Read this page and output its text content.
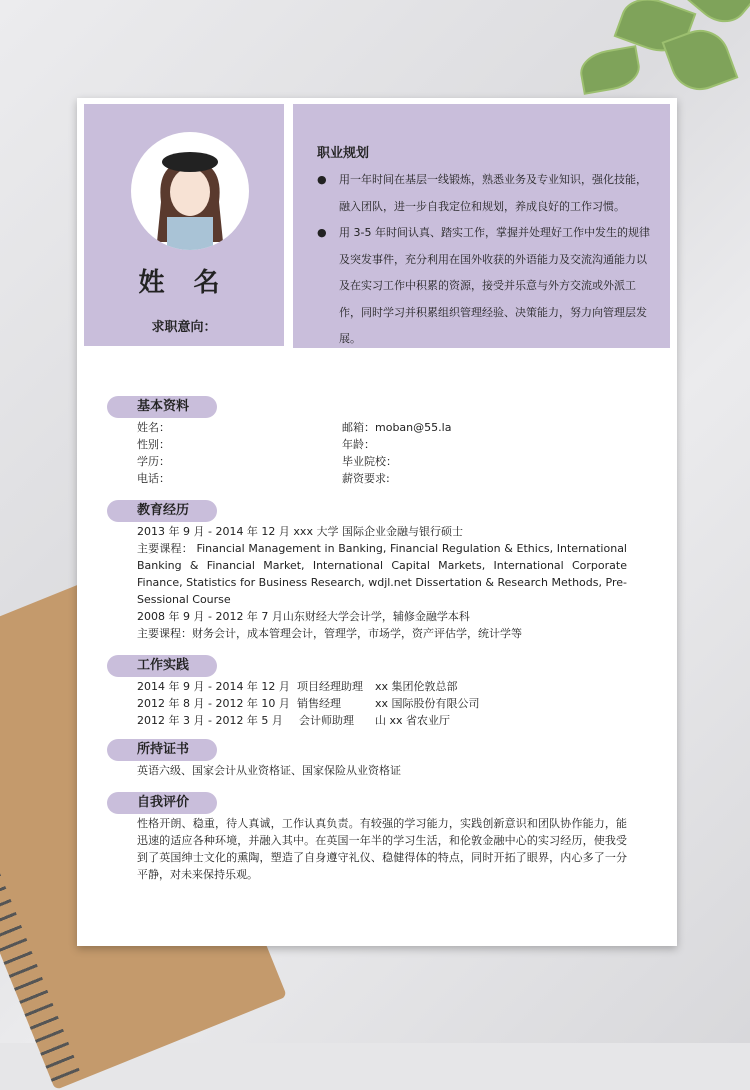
姓 名
求职意向：
职业规划
●	用一年时间在基层一线锻炼，熟悉业务及专业知识，强化技能，融入团队，进一步自我定位和规划，养成良好的工作习惯。
●	用 3-5 年时间认真、踏实工作，掌握并处理好工作中发生的规律及突发事件，充分利用在国外收获的外语能力及交流沟通能力以及在实习工作中积累的资源，接受并乐意与外方交流或外派工作，同时学习并积累组织管理经验、决策能力，努力向管理层发展。
基本资料
姓名：	邮箱：moban@55.la
性别：	年龄：
学历：	毕业院校：
电话：	薪资要求:
教育经历
2013 年 9 月 - 2014 年 12 月 xxx 大学 国际企业金融与银行硕士
主要课程： Financial Management in Banking, Financial Regulation & Ethics, International Banking & Financial Market, International Capital Markets, International Corporate Finance, Statistics for Business Research, wdjl.net Dissertation & Research Methods, Pre-Sessional Course
2008 年 9 月 - 2012 年 7 月山东财经大学会计学，辅修金融学本科
主要课程：财务会计，成本管理会计，管理学，市场学，资产评估学，统计学等
工作实践
2014 年 9 月 - 2014 年 12 月 项目经理助理	xx 集团伦敦总部
2012 年 8 月 - 2012 年 10 月 销售经理	xx 国际股份有限公司
2012 年 3 月 - 2012 年 5 月	会计师助理	山 xx 省农业厅
所持证书
英语六级、国家会计从业资格证、国家保险从业资格证
自我评价
性格开朗、稳重，待人真诚，工作认真负责。有较强的学习能力，实践创新意识和团队协作能力，能迅速的适应各种环境，并融入其中。在英国一年半的学习生活，和伦敦金融中心的实习经历，使我受到了英国绅士文化的熏陶，塑造了自身遵守礼仪、稳健得体的特点，同时开拓了眼界，内心多了一分平静，对未来保持乐观。
